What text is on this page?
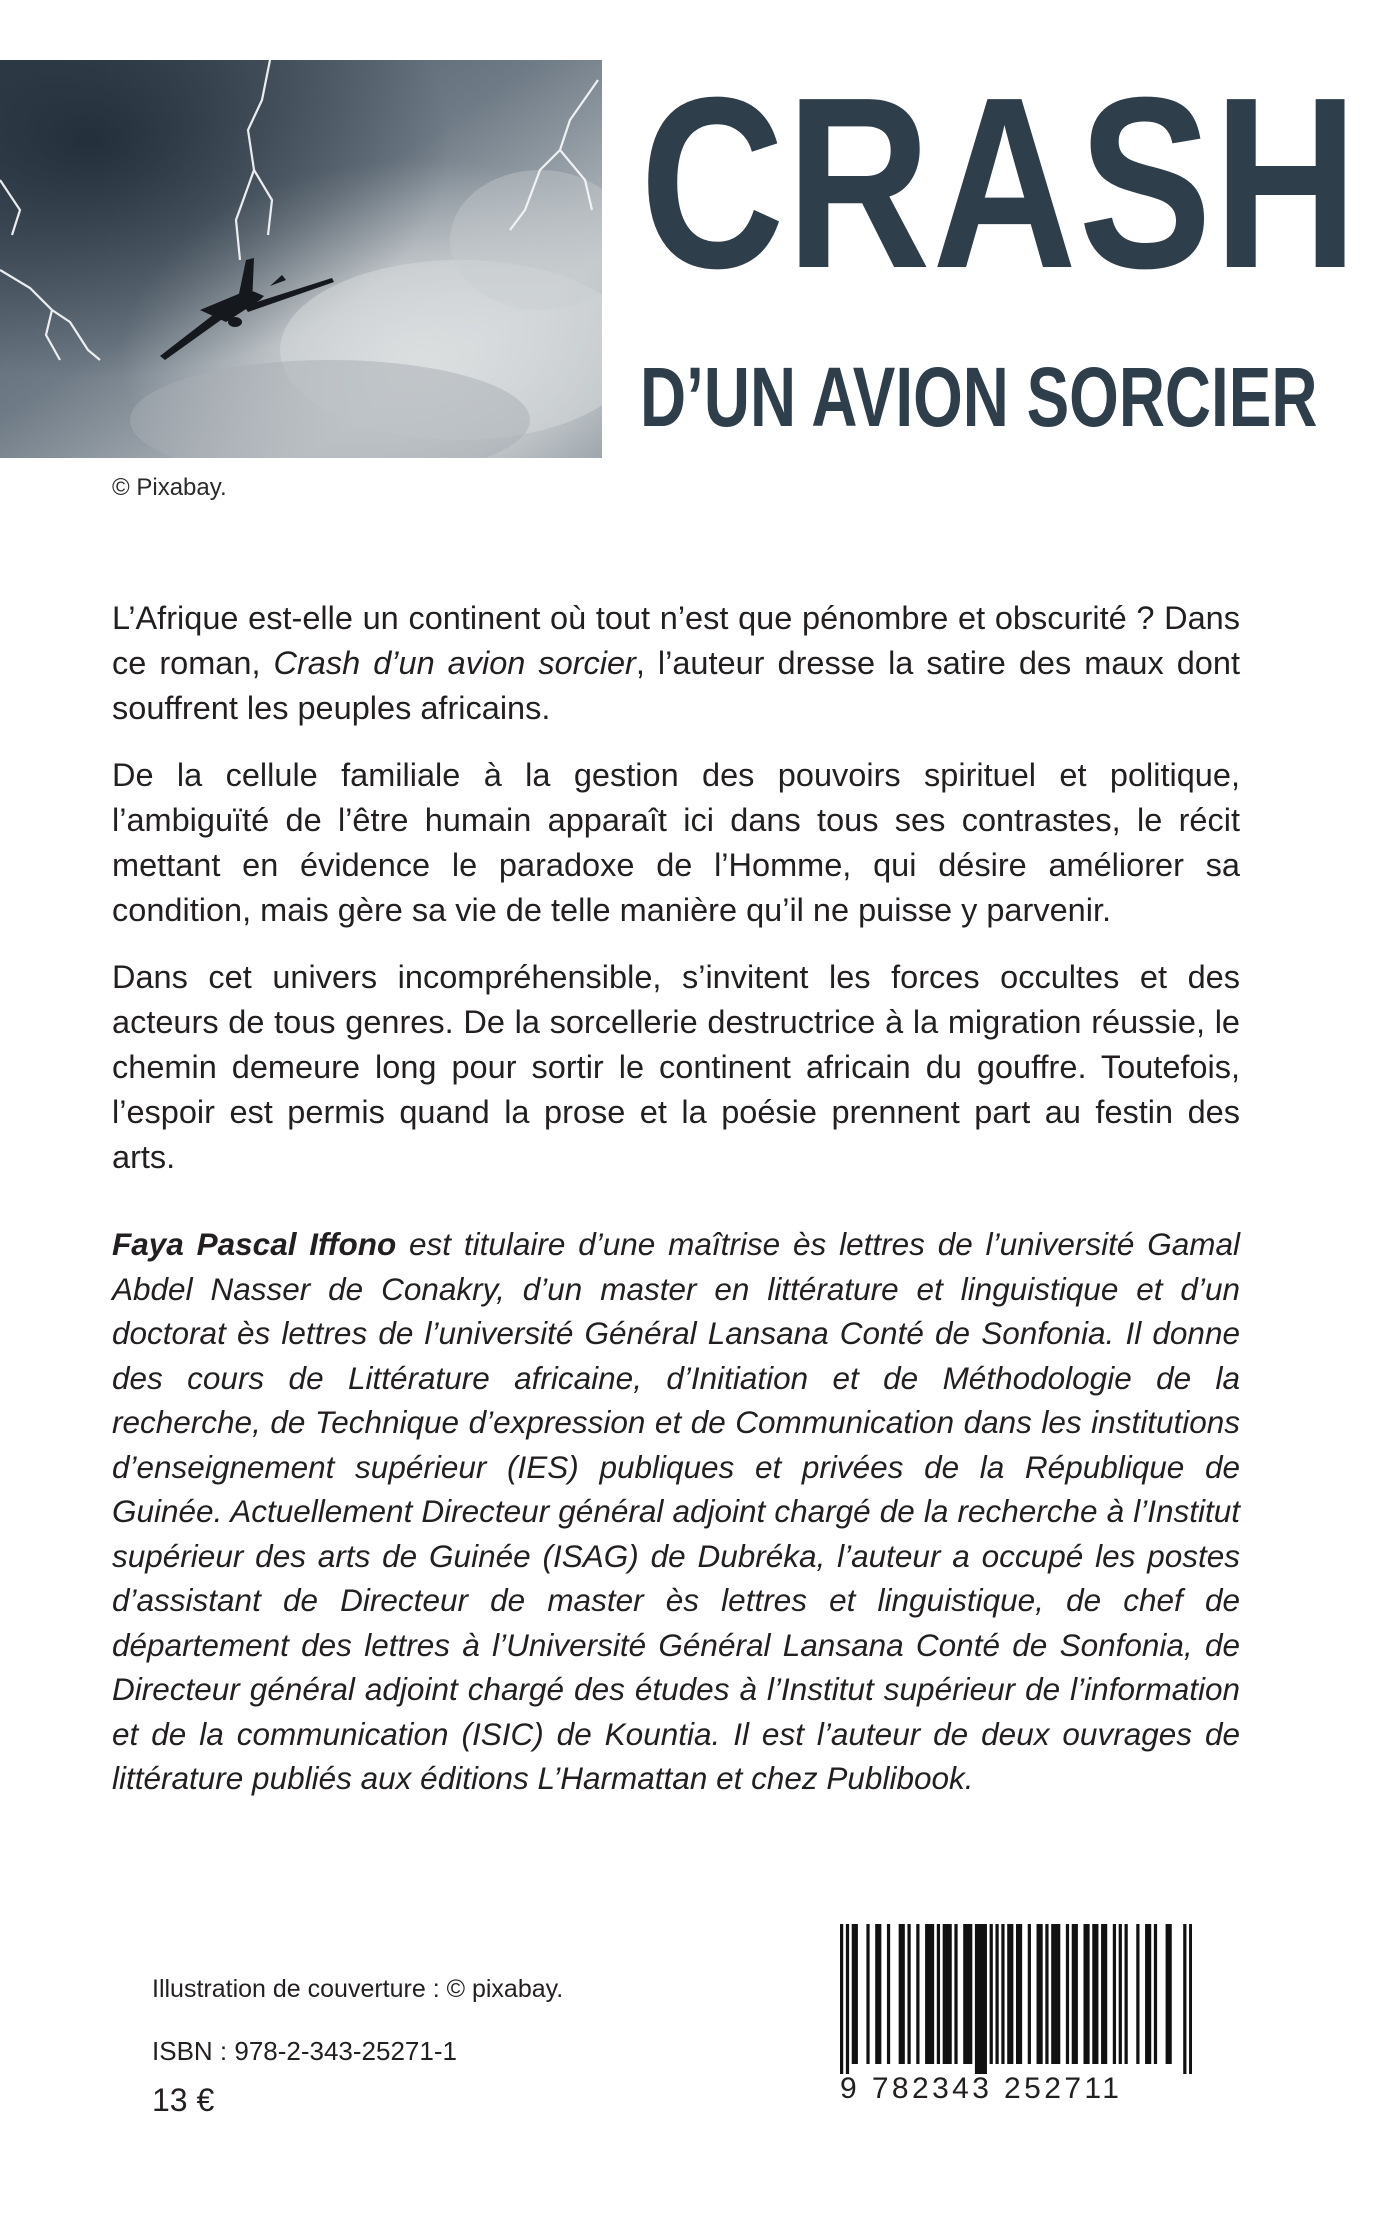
© Pixabay.
CRASH
D’UN AVION SORCIER

L’Afrique est-elle un continent où tout n’est que pénombre et obscurité ? Dans ce roman, Crash d’un avion sorcier, l’auteur dresse la satire des maux dont souffrent les peuples africains.

De la cellule familiale à la gestion des pouvoirs spirituel et politique, l’ambiguïté de l’être humain apparaît ici dans tous ses contrastes, le récit mettant en évidence le paradoxe de l’Homme, qui désire améliorer sa condition, mais gère sa vie de telle manière qu’il ne puisse y parvenir.

Dans cet univers incompréhensible, s’invitent les forces occultes et des acteurs de tous genres. De la sorcellerie destructrice à la migration réussie, le chemin demeure long pour sortir le continent africain du gouffre. Toutefois, l’espoir est permis quand la prose et la poésie prennent part au festin des arts.

Faya Pascal Iffono est titulaire d’une maîtrise ès lettres de l’université Gamal Abdel Nasser de Conakry, d’un master en littérature et linguistique et d’un doctorat ès lettres de l’université Général Lansana Conté de Sonfonia. Il donne des cours de Littérature africaine, d’Initiation et de Méthodologie de la recherche, de Technique d’expression et de Communication dans les institutions d’enseignement supérieur (IES) publiques et privées de la République de Guinée. Actuellement Directeur général adjoint chargé de la recherche à l’Institut supérieur des arts de Guinée (ISAG) de Dubréka, l’auteur a occupé les postes d’assistant de Directeur de master ès lettres et linguistique, de chef de département des lettres à l’Université Général Lansana Conté de Sonfonia, de Directeur général adjoint chargé des études à l’Institut supérieur de l’information et de la communication (ISIC) de Kountia. Il est l’auteur de deux ouvrages de littérature publiés aux éditions L’Harmattan et chez Publibook.

Illustration de couverture : © pixabay.
ISBN : 978-2-343-25271-1
13 €	9 782343 252711
